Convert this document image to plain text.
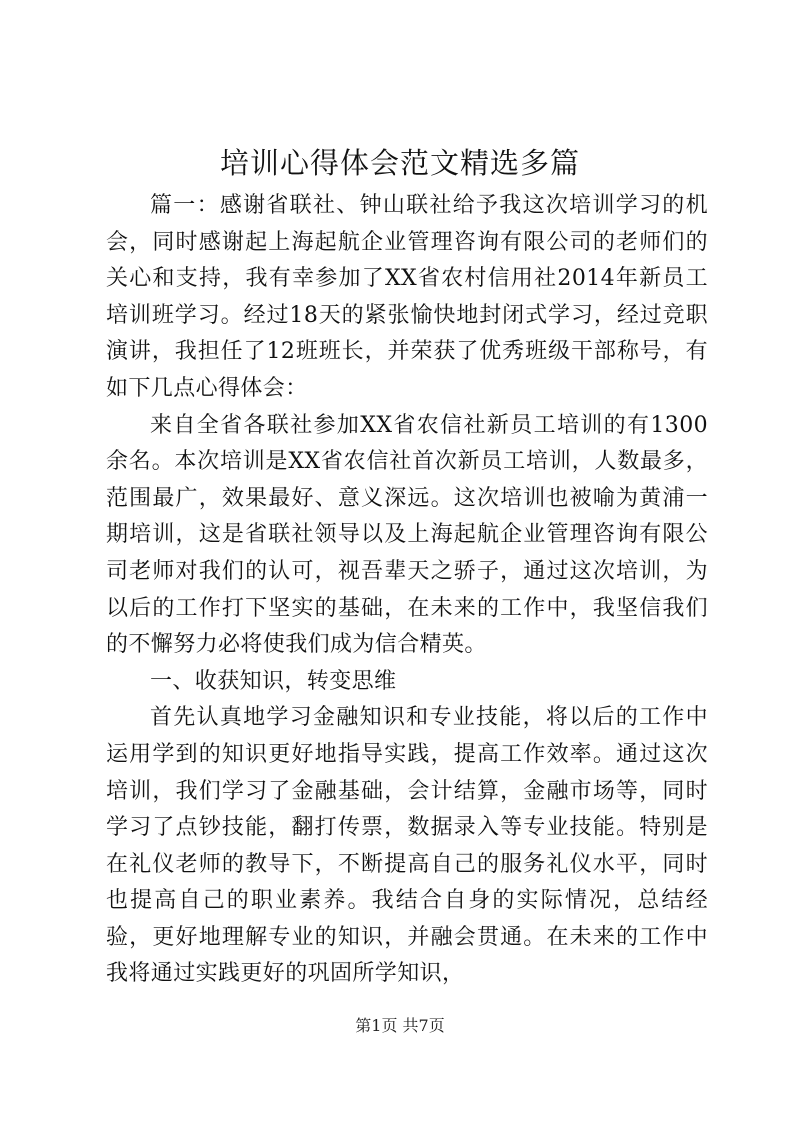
培训心得体会范文精选多篇

篇一：感谢省联社、钟山联社给予我这次培训学习的机会，同时感谢起上海起航企业管理咨询有限公司的老师们的关心和支持，我有幸参加了XX省农村信用社2014年新员工培训班学习。经过18天的紧张愉快地封闭式学习，经过竞职演讲，我担任了12班班长，并荣获了优秀班级干部称号，有如下几点心得体会：

来自全省各联社参加XX省农信社新员工培训的有1300余名。本次培训是XX省农信社首次新员工培训，人数最多，范围最广，效果最好、意义深远。这次培训也被喻为黄浦一期培训，这是省联社领导以及上海起航企业管理咨询有限公司老师对我们的认可，视吾辈天之骄子，通过这次培训，为以后的工作打下坚实的基础，在未来的工作中，我坚信我们的不懈努力必将使我们成为信合精英。

一、收获知识，转变思维

首先认真地学习金融知识和专业技能，将以后的工作中运用学到的知识更好地指导实践，提高工作效率。通过这次培训，我们学习了金融基础，会计结算，金融市场等，同时学习了点钞技能，翻打传票，数据录入等专业技能。特别是在礼仪老师的教导下，不断提高自己的服务礼仪水平，同时也提高自己的职业素养。我结合自身的实际情况，总结经验，更好地理解专业的知识，并融会贯通。在未来的工作中我将通过实践更好的巩固所学知识，

第1页 共7页
